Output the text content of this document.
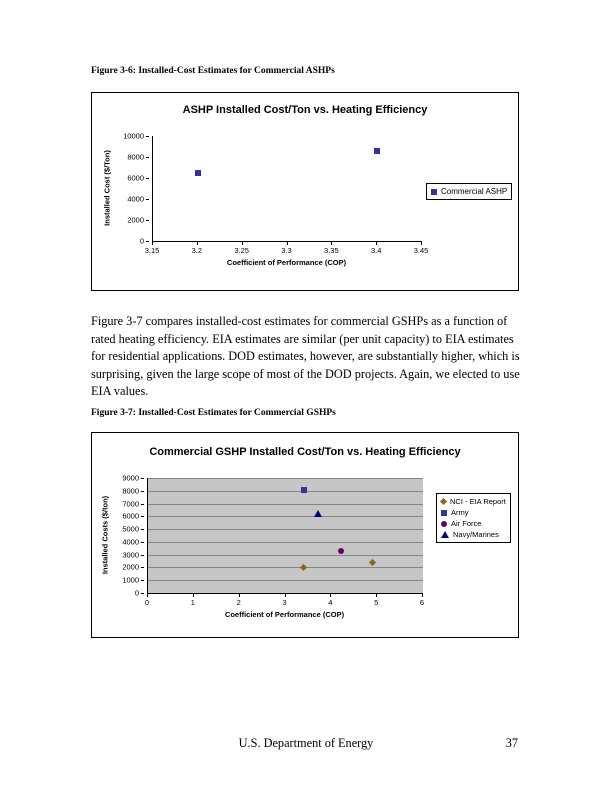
Figure 3-6: Installed-Cost Estimates for Commercial ASHPs
ASHP Installed Cost/Ton vs. Heating Efficiency
Installed Cost ($/Ton)
0
2000
4000
6000
8000
10000
3.15	3.2	3.25	3.3	3.35	3.4	3.45
Coefficient of Performance (COP)
Commercial ASHP

Figure 3-7 compares installed-cost estimates for commercial GSHPs as a function of rated heating efficiency. EIA estimates are similar (per unit capacity) to EIA estimates for residential applications. DOD estimates, however, are substantially higher, which is surprising, given the large scope of most of the DOD projects. Again, we elected to use EIA values.

Figure 3-7: Installed-Cost Estimates for Commercial GSHPs
Commercial GSHP Installed Cost/Ton vs. Heating Efficiency
Installed Costs ($/ton)
0
1000
2000
3000
4000
5000
6000
7000
8000
9000
0	1	2	3	4	5	6
Coefficient of Performance (COP)
NCI - EIA Report
Army
Air Force
Navy/Marines
U.S. Department of Energy	37
